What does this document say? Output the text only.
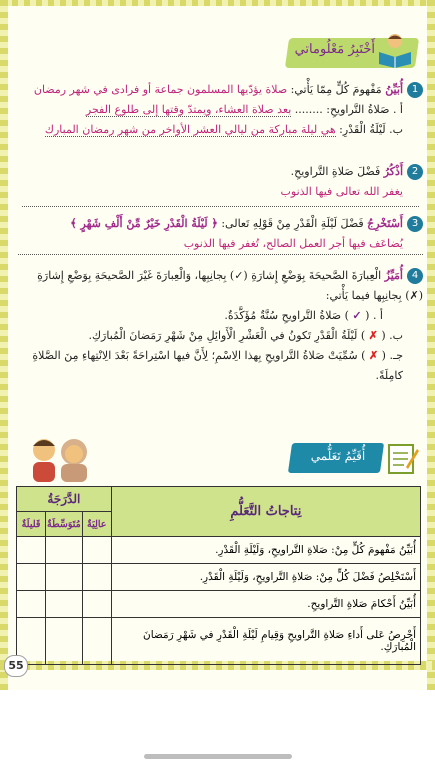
أَخْتَبِرُ مَعْلُوماتي
1أُبَيِّنُ مَفْهومَ كُلٍّ مِمّا يَأْتي: صلاة يؤدّيها المسلمون جماعة أو فرادى في شهر رمضان
أ . صَلاةُ التَّراويحِ: ........ بعد صلاة العشاء، ويمتدّ وقتها إلى طلوع الفجر
ب. لَيْلَةُ الْقَدْرِ: هي ليلة مباركة من ليالي العشر الأواخر من شهر رمضان المبارك
2أَذْكُرُ فَضْلَ صَلاةِ التَّراويحِ.
يغفر الله تعالى فيها الذنوب
3أَسْتَخْرِجُ فَضْلَ لَيْلَةِ الْقَدْرِ مِنْ قَوْلِهِ تَعالى: ﴿ لَيْلَةُ الْقَدْرِ خَيْرٌ مِّنْ أَلْفِ شَهْرٍ ﴾
يُضاعَف فيها أجر العمل الصالح، تُغفر فيها الذنوب
4أُمَيِّزُ الْعِبارَةَ الصَّحيحَةَ بِوَضْعِ إِشارَةِ (✓) بِجانِبِها، وَالْعِبارَةَ غَيْرَ الصَّحيحَةِ بِوَضْعِ إِشارَةِ (✗) بِجانِبِها فيما يَأْتي:
أ . ( ✓ ) صَلاةُ التَّراويحِ سُنَّةٌ مُؤَكَّدَةٌ.
ب. ( ✗ ) لَيْلَةُ الْقَدْرِ تَكونُ في الْعَشْرِ الْأَوائِلِ مِنْ شَهْرِ رَمَضانَ الْمُبارَكِ.
جـ. ( ✗ ) سُمِّيَتْ صَلاةُ التَّراويحِ بِهذا الِاسْمِ؛ لِأَنَّ فيها اسْتِراحَةً بَعْدَ الِانْتِهاءِ مِنَ الصَّلاةِ كامِلَةً.
أُقَيِّمُ تَعَلُّمي
نِتاجاتُ التَّعَلُّمِ	الدَّرَجَةُ		
	عالِيَةٌ	مُتَوَسِّطَةٌ	قَليلَةٌ
أُبَيِّنُ مَفْهومَ كُلٍّ مِنْ: صَلاةِ التَّراويحِ، وَلَيْلَةِ الْقَدْرِ.			
أَسْتَخْلِصُ فَضْلَ كُلٍّ مِنْ: صَلاةِ التَّراويحِ، وَلَيْلَةِ الْقَدْرِ.			
أُبَيِّنُ أَحْكامَ صَلاةِ التَّراويحِ.			
أَحْرِصُ عَلى أَداءِ صَلاةِ التَّراويحِ وَقِيامِ لَيْلَةِ الْقَدْرِ في شَهْرِ رَمَضانَ الْمُبارَكِ.			
55
